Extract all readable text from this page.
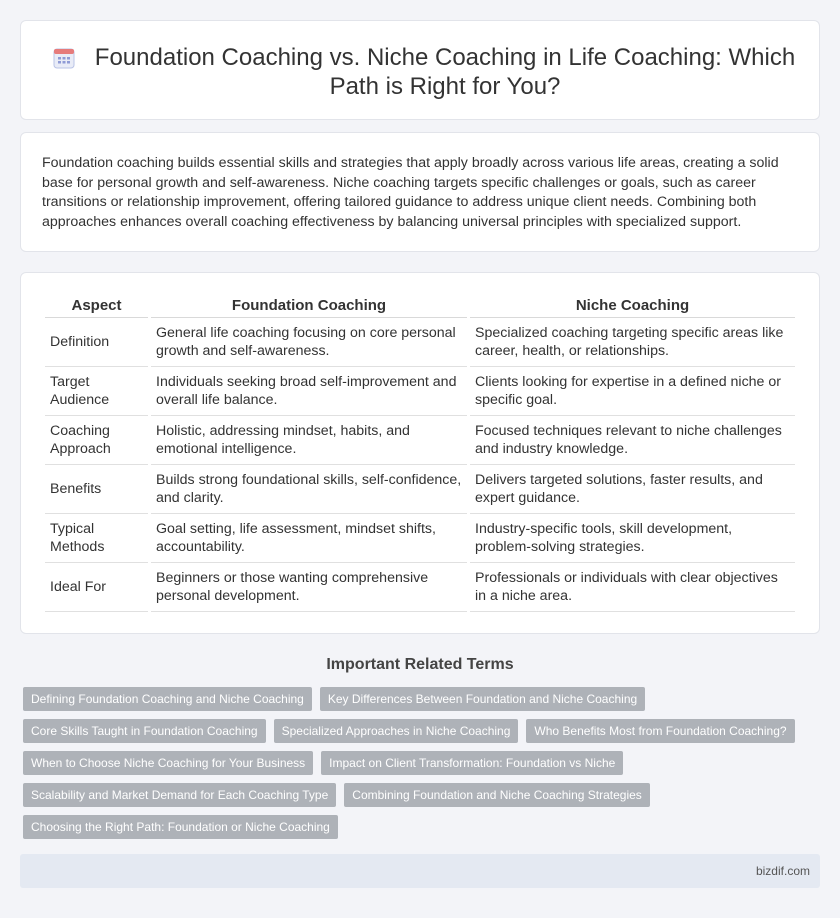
Foundation Coaching vs. Niche Coaching in Life Coaching: Which Path is Right for You?

Foundation coaching builds essential skills and strategies that apply broadly across various life areas, creating a solid base for personal growth and self-awareness. Niche coaching targets specific challenges or goals, such as career transitions or relationship improvement, offering tailored guidance to address unique client needs. Combining both approaches enhances overall coaching effectiveness by balancing universal principles with specialized support.

Aspect	Foundation Coaching	Niche Coaching
Definition	General life coaching focusing on core personal growth and self-awareness.	Specialized coaching targeting specific areas like career, health, or relationships.
Target Audience	Individuals seeking broad self-improvement and overall life balance.	Clients looking for expertise in a defined niche or specific goal.
Coaching Approach	Holistic, addressing mindset, habits, and emotional intelligence.	Focused techniques relevant to niche challenges and industry knowledge.
Benefits	Builds strong foundational skills, self-confidence, and clarity.	Delivers targeted solutions, faster results, and expert guidance.
Typical Methods	Goal setting, life assessment, mindset shifts, accountability.	Industry-specific tools, skill development, problem-solving strategies.
Ideal For	Beginners or those wanting comprehensive personal development.	Professionals or individuals with clear objectives in a niche area.
Important Related Terms
Defining Foundation Coaching and Niche Coaching	Key Differences Between Foundation and Niche Coaching
Core Skills Taught in Foundation Coaching	Specialized Approaches in Niche Coaching	Who Benefits Most from Foundation Coaching?
When to Choose Niche Coaching for Your Business	Impact on Client Transformation: Foundation vs Niche
Scalability and Market Demand for Each Coaching Type	Combining Foundation and Niche Coaching Strategies
Choosing the Right Path: Foundation or Niche Coaching
bizdif.com
